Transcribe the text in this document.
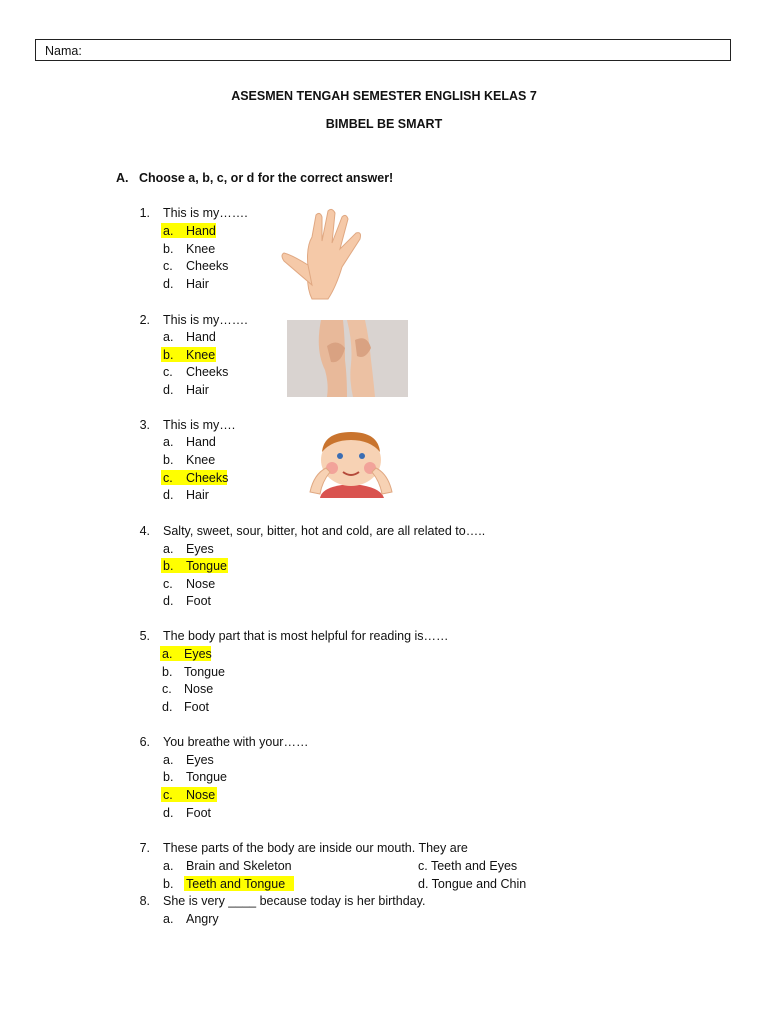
Nama:
ASESMEN TENGAH SEMESTER ENGLISH KELAS 7
BIMBEL BE SMART
A. Choose a, b, c, or d for the correct answer!
1. This is my…….
a.	Hand
b.	Knee
c.	Cheeks
d.	Hair
2. This is my…….
a.	Hand
b.	Knee
c.	Cheeks
d.	Hair
3. This is my….
a.	Hand
b.	Knee
c.	Cheeks
d.	Hair
4. Salty, sweet, sour, bitter, hot and cold, are all related to…..
a.	Eyes
b.	Tongue
c.	Nose
d.	Foot
5. The body part that is most helpful for reading is……
a. Eyes
b. Tongue
c. Nose
d. Foot
6. You breathe with your……
a.	Eyes
b.	Tongue
c.	Nose
d.	Foot
7. These parts of the body are inside our mouth. They are
a.	Brain and Skeleton
b.	Teeth and Tongue
c. Teeth and Eyes
d. Tongue and Chin
8. She is very ____ because today is her birthday.
a.	Angry
